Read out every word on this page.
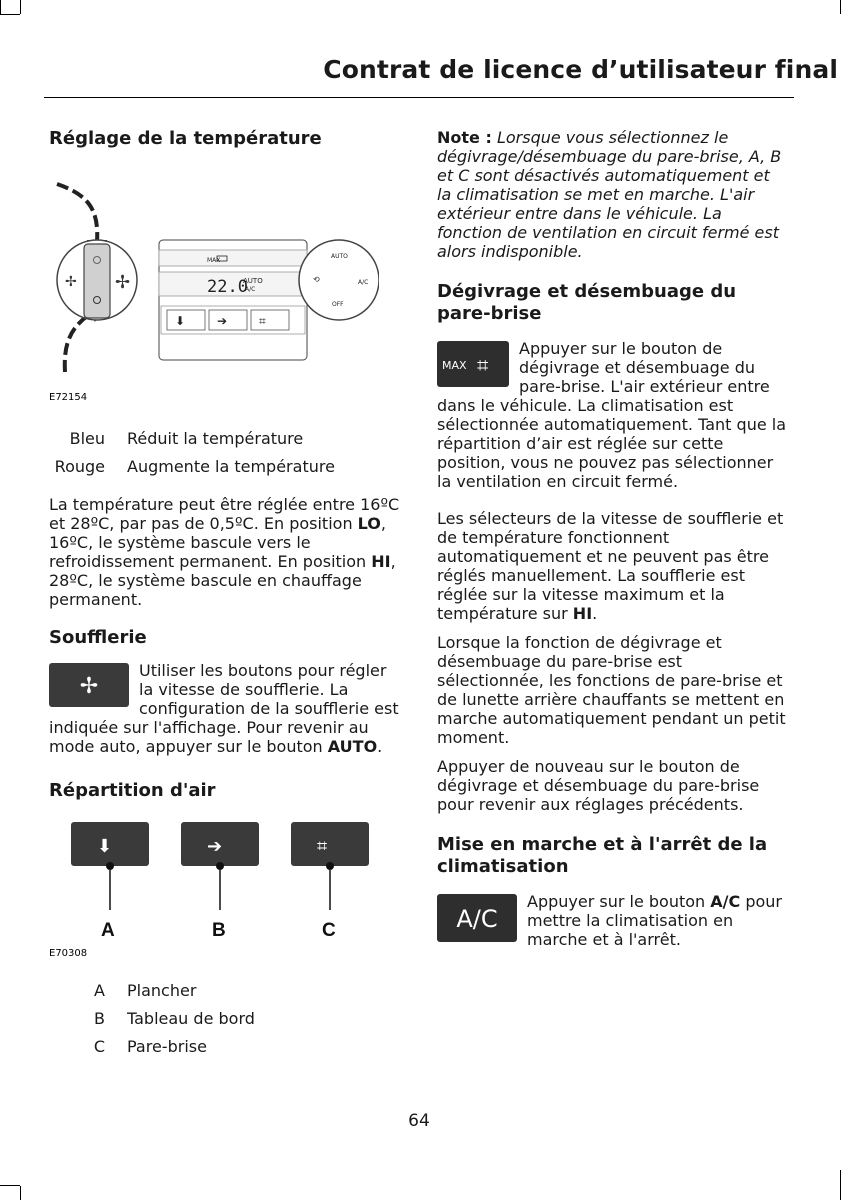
Contrat de licence d’utilisateur final
Réglage de la température
✢ ✢
MAX
22.0
AUTO
A/C
⬇	➔	⌗
AUTO
⟲	A/C
OFF
E72154
Bleu	Réduit la température
Rouge	Augmente la température

La température peut être réglée entre 16ºC et 28ºC, par pas de 0,5ºC. En position LO, 16ºC, le système bascule vers le refroidissement permanent. En position HI, 28ºC, le système bascule en chauffage permanent.

Soufflerie
✢

Utiliser les boutons pour régler la vitesse de soufflerie. La configuration de la soufflerie est indiquée sur l'affichage. Pour revenir au mode auto, appuyer sur le bouton AUTO.

Répartition d'air
⬇	➔	⌗
A	B	C
E70308
A	Plancher
B	Tableau de bord
C	Pare-brise

Note : Lorsque vous sélectionnez le dégivrage/désembuage du pare-brise, A, B et C sont désactivés automatiquement et la climatisation se met en marche. L'air extérieur entre dans le véhicule. La fonction de ventilation en circuit fermé est alors indisponible.

Dégivrage et désembuage du pare-brise
MAX ⌗

Appuyer sur le bouton de dégivrage et désembuage du pare-brise. L'air extérieur entre dans le véhicule. La climatisation est sélectionnée automatiquement. Tant que la répartition d’air est réglée sur cette position, vous ne pouvez pas sélectionner la ventilation en circuit fermé.

Les sélecteurs de la vitesse de soufflerie et de température fonctionnent automatiquement et ne peuvent pas être réglés manuellement. La soufflerie est réglée sur la vitesse maximum et la température sur HI.

Lorsque la fonction de dégivrage et désembuage du pare-brise est sélectionnée, les fonctions de pare-brise et de lunette arrière chauffants se mettent en marche automatiquement pendant un petit moment.

Appuyer de nouveau sur le bouton de dégivrage et désembuage du pare-brise pour revenir aux réglages précédents.

Mise en marche et à l'arrêt de la climatisation
A/C

Appuyer sur le bouton A/C pour mettre la climatisation en marche et à l'arrêt.

64
